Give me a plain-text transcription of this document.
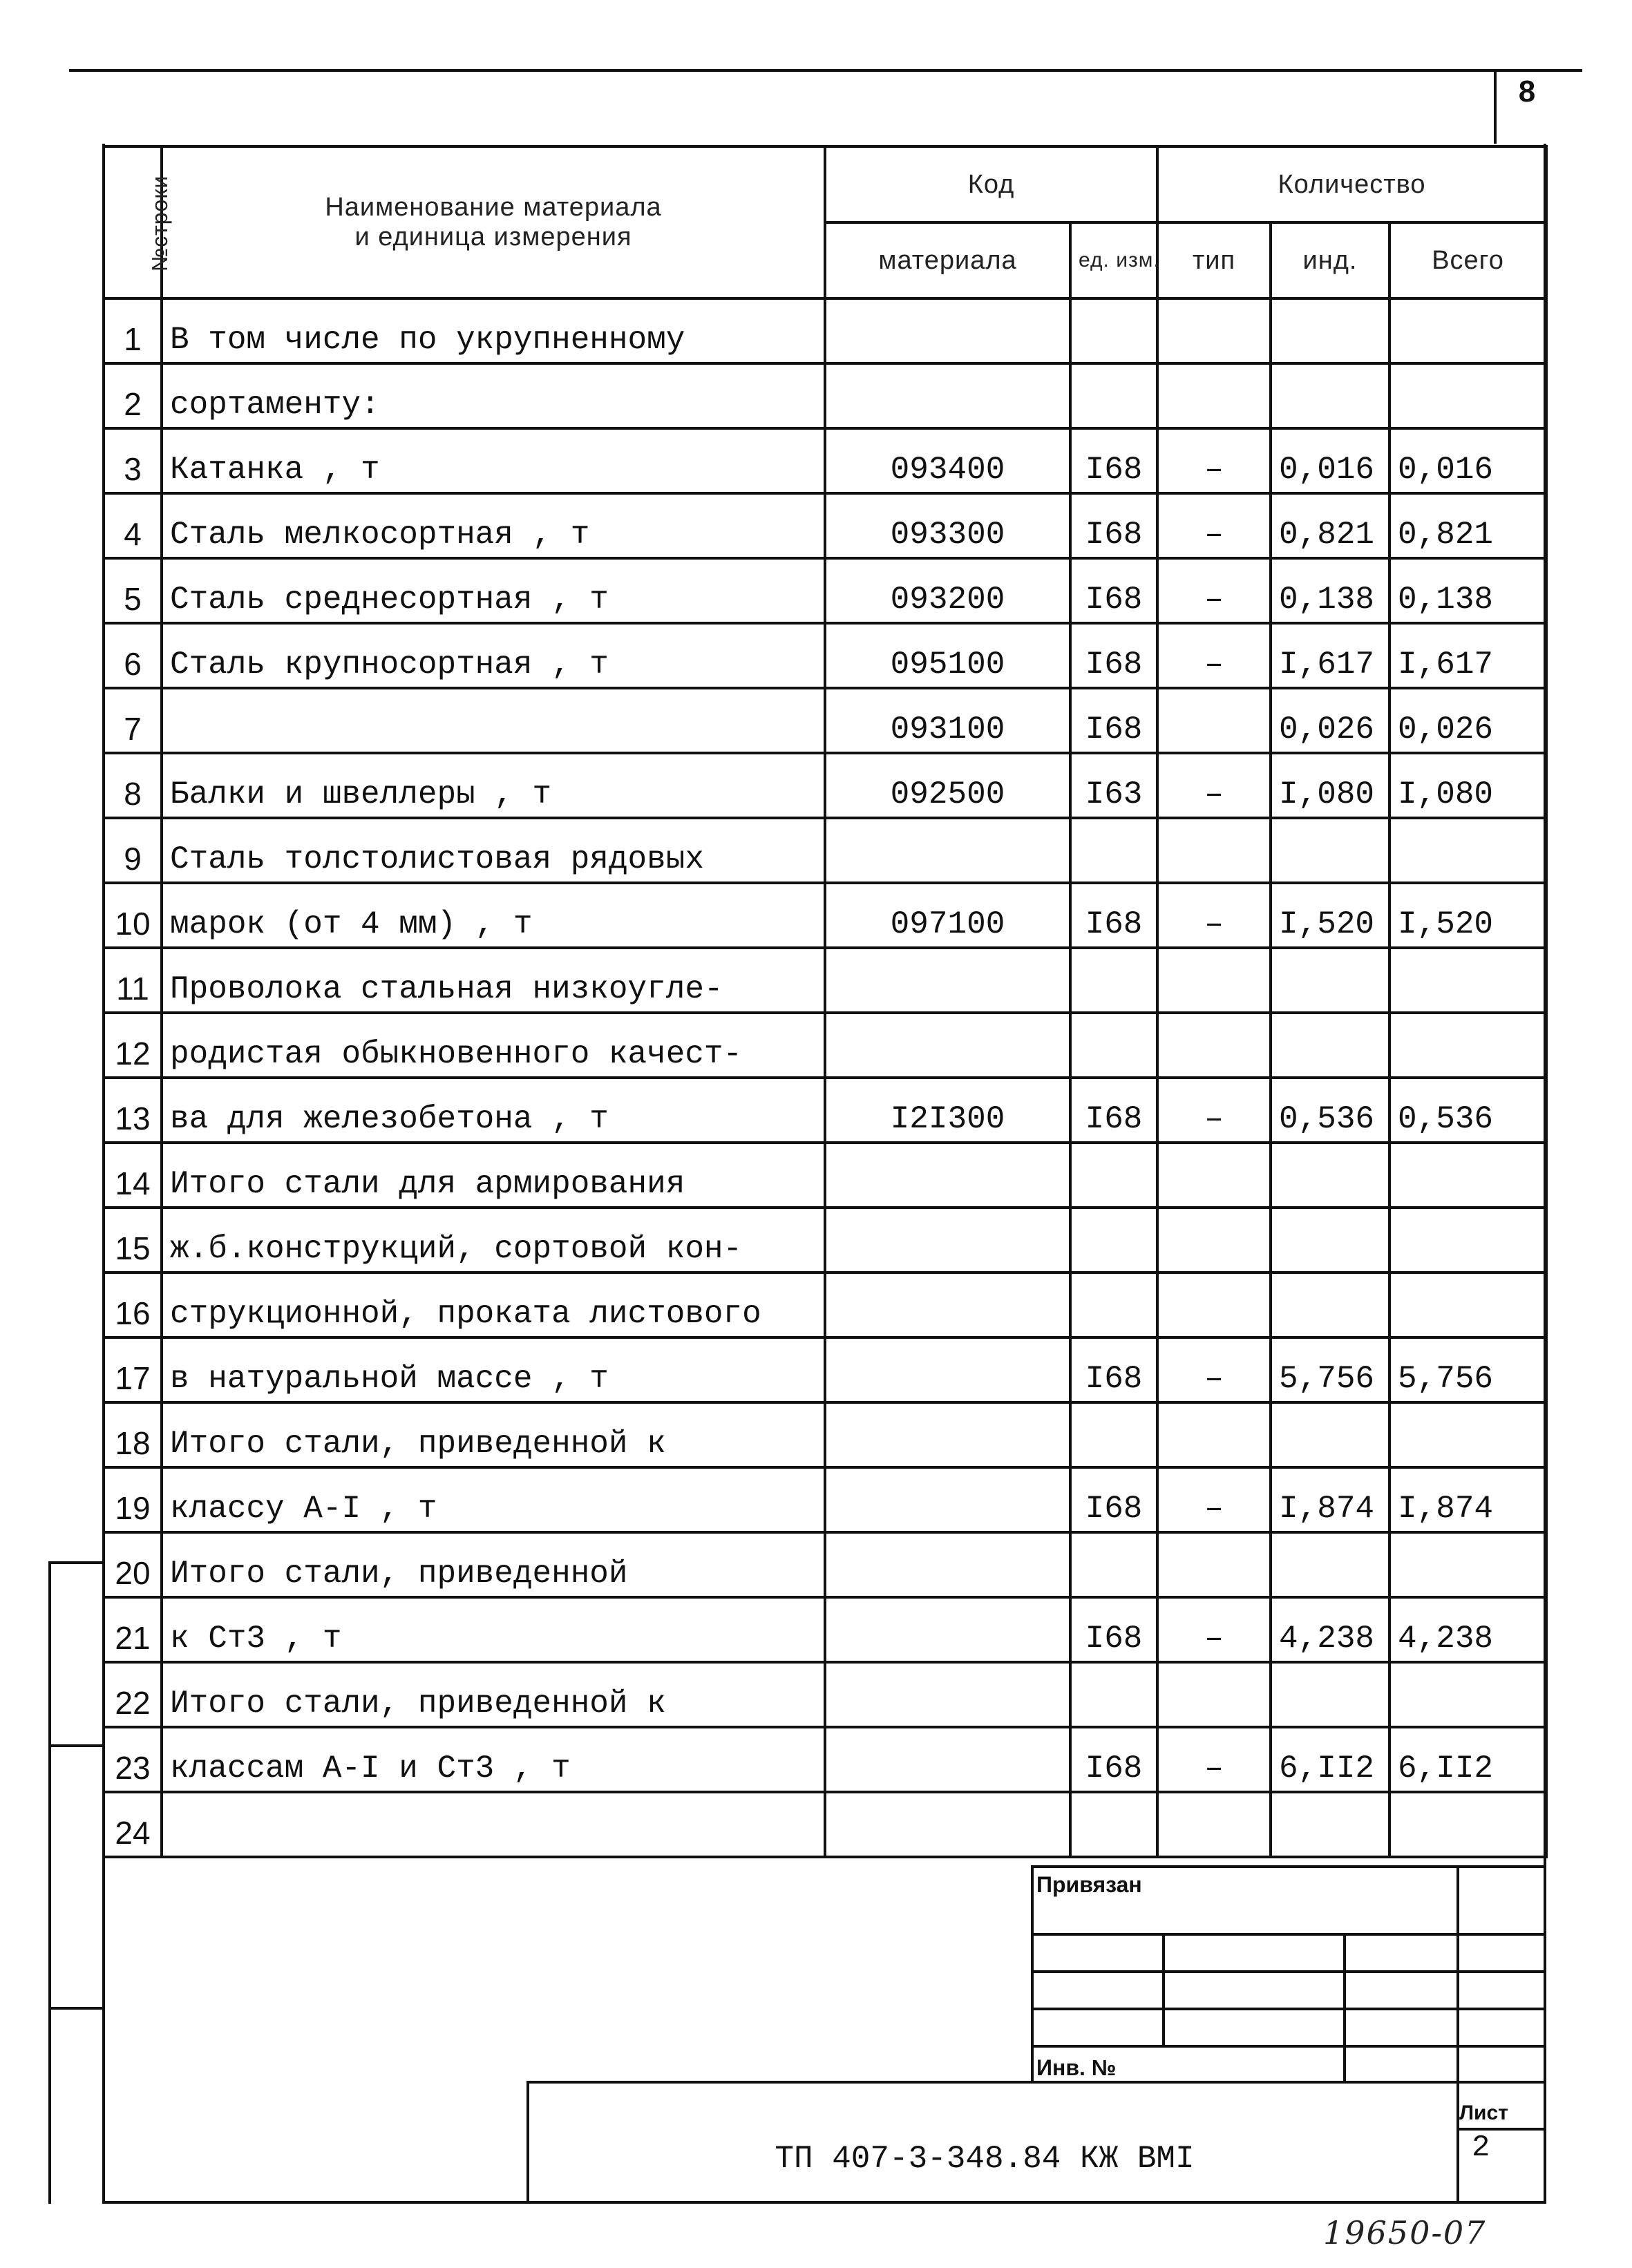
8
№строки	Наименование материала
и единица измерения	Код		Количество		
		материала	ед. изм.	тип	инд.	Всего
1	В том числе по укрупненному					
2	сортаменту:					
3	Катанка , т	093400	I68	–	0,016	0,016
4	Сталь мелкосортная , т	093300	I68	–	0,821	0,821
5	Сталь среднесортная , т	093200	I68	–	0,138	0,138
6	Сталь крупносортная , т	095100	I68	–	I,617	I,617
7		093100	I68		0,026	0,026
8	Балки и швеллеры , т	092500	I63	–	I,080	I,080
9	Сталь толстолистовая рядовых					
10	марок (от 4 мм) , т	097100	I68	–	I,520	I,520
11	Проволока стальная низкоугле-					
12	родистая обыкновенного качест-					
13	ва для железобетона , т	I2I300	I68	–	0,536	0,536
14	Итого стали для армирования					
15	ж.б.конструкций, сортовой кон-					
16	струкционной, проката листового					
17	в натуральной массе , т		I68	–	5,756	5,756
18	Итого стали, приведенной к					
19	классу А-I , т		I68	–	I,874	I,874
20	Итого стали, приведенной					
21	к Ст3 , т		I68	–	4,238	4,238
22	Итого стали, приведенной к					
23	классам А-I и Ст3 , т		I68	–	6,II2	6,II2
24						
Привязан
Инв. №
ТП 407-3-348.84 КЖ ВМI
Лист
2
19650-07
